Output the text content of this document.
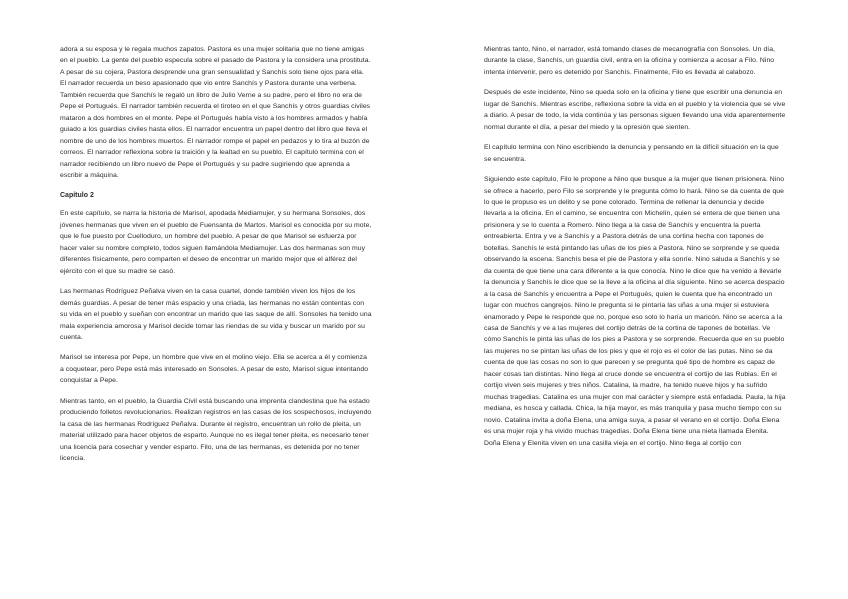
adora a su esposa y le regala muchos zapatos. Pastora es una mujer solitaria que no tiene amigas en el pueblo. La gente del pueblo especula sobre el pasado de Pastora y la considera una prostituta. A pesar de su cojera, Pastora desprende una gran sensualidad y Sanchís solo tiene ojos para ella. El narrador recuerda un beso apasionado que vio entre Sanchís y Pastora durante una verbena. También recuerda que Sanchís le regaló un libro de Julio Verne a su padre, pero el libro no era de Pepe el Portugués. El narrador también recuerda el tiroteo en el que Sanchís y otros guardias civiles mataron a dos hombres en el monte. Pepe el Portugués había visto a los hombres armados y había guiado a los guardias civiles hasta ellos. El narrador encuentra un papel dentro del libro que lleva el nombre de uno de los hombres muertos. El narrador rompe el papel en pedazos y lo tira al buzón de correos. El narrador reflexiona sobre la traición y la lealtad en su pueblo. El capítulo termina con el narrador recibiendo un libro nuevo de Pepe el Portugués y su padre sugiriendo que aprenda a escribir a máquina.

Capítulo 2

En este capítulo, se narra la historia de Marisol, apodada Mediamujer, y su hermana Sonsoles, dos jóvenes hermanas que viven en el pueblo de Fuensanta de Martos. Marisol es conocida por su mote, que le fue puesto por Cuelloduro, un hombre del pueblo. A pesar de que Marisol se esfuerza por hacer valer su nombre completo, todos siguen llamándola Mediamujer. Las dos hermanas son muy diferentes físicamente, pero comparten el deseo de encontrar un marido mejor que el alférez del ejército con el que su madre se casó.

Las hermanas Rodríguez Peñalva viven en la casa cuartel, donde también viven los hijos de los demás guardias. A pesar de tener más espacio y una criada, las hermanas no están contentas con su vida en el pueblo y sueñan con encontrar un marido que las saque de allí. Sonsoles ha tenido una mala experiencia amorosa y Marisol decide tomar las riendas de su vida y buscar un marido por su cuenta.

Marisol se interesa por Pepe, un hombre que vive en el molino viejo. Ella se acerca a él y comienza a coquetear, pero Pepe está más interesado en Sonsoles. A pesar de esto, Marisol sigue intentando conquistar a Pepe.

Mientras tanto, en el pueblo, la Guardia Civil está buscando una imprenta clandestina que ha estado produciendo folletos revolucionarios. Realizan registros en las casas de los sospechosos, incluyendo la casa de las hermanas Rodríguez Peñalva. Durante el registro, encuentran un rollo de pleita, un material utilizado para hacer objetos de esparto. Aunque no es ilegal tener pleita, es necesario tener una licencia para cosechar y vender esparto. Filo, una de las hermanas, es detenida por no tener licencia.

Mientras tanto, Nino, el narrador, está tomando clases de mecanografía con Sonsoles. Un día, durante la clase, Sanchís, un guardia civil, entra en la oficina y comienza a acosar a Filo. Nino intenta intervenir, pero es detenido por Sanchís. Finalmente, Filo es llevada al calabozo.

Después de este incidente, Nino se queda solo en la oficina y tiene que escribir una denuncia en lugar de Sanchís. Mientras escribe, reflexiona sobre la vida en el pueblo y la violencia que se vive a diario. A pesar de todo, la vida continúa y las personas siguen llevando una vida aparentemente normal durante el día, a pesar del miedo y la opresión que sienten.

El capítulo termina con Nino escribiendo la denuncia y pensando en la difícil situación en la que se encuentra.

Siguiendo este capítulo, Filo le propone a Nino que busque a la mujer que tienen prisionera. Nino se ofrece a hacerlo, pero Filo se sorprende y le pregunta cómo lo hará. Nino se da cuenta de que lo que le propuso es un delito y se pone colorado. Termina de rellenar la denuncia y decide llevarla a la oficina. En el camino, se encuentra con Michelín, quien se entera de que tienen una prisionera y se lo cuenta a Romero. Nino llega a la casa de Sanchís y encuentra la puerta entreabierta. Entra y ve a Sanchís y a Pastora detrás de una cortina hecha con tapones de botellas. Sanchís le está pintando las uñas de los pies a Pastora. Nino se sorprende y se queda observando la escena. Sanchís besa el pie de Pastora y ella sonríe. Nino saluda a Sanchís y se da cuenta de que tiene una cara diferente a la que conocía. Nino le dice que ha venido a llevarle la denuncia y Sanchís le dice que se la lleve a la oficina al día siguiente. Nino se acerca despacio a la casa de Sanchís y encuentra a Pepe el Portugués, quien le cuenta que ha encontrado un lugar con muchos cangrejos. Nino le pregunta si le pintaría las uñas a una mujer si estuviera enamorado y Pepe le responde que no, porque eso solo lo haría un maricón. Nino se acerca a la casa de Sanchís y ve a las mujeres del cortijo detrás de la cortina de tapones de botellas. Ve cómo Sanchís le pinta las uñas de los pies a Pastora y se sorprende. Recuerda que en su pueblo las mujeres no se pintan las uñas de los pies y que el rojo es el color de las putas. Nino se da cuenta de que las cosas no son lo que parecen y se pregunta qué tipo de hombre es capaz de hacer cosas tan distintas. Nino llega al cruce donde se encuentra el cortijo de las Rubias. En el cortijo viven seis mujeres y tres niños. Catalina, la madre, ha tenido nueve hijos y ha sufrido muchas tragedias. Catalina es una mujer con mal carácter y siempre está enfadada. Paula, la hija mediana, es hosca y callada. Chica, la hija mayor, es más tranquila y pasa mucho tiempo con su novio. Catalina invita a doña Elena, una amiga suya, a pasar el verano en el cortijo. Doña Elena es una mujer roja y ha vivido muchas tragedias. Doña Elena tiene una nieta llamada Elenita. Doña Elena y Elenita viven en una casilla vieja en el cortijo. Nino llega al cortijo con
